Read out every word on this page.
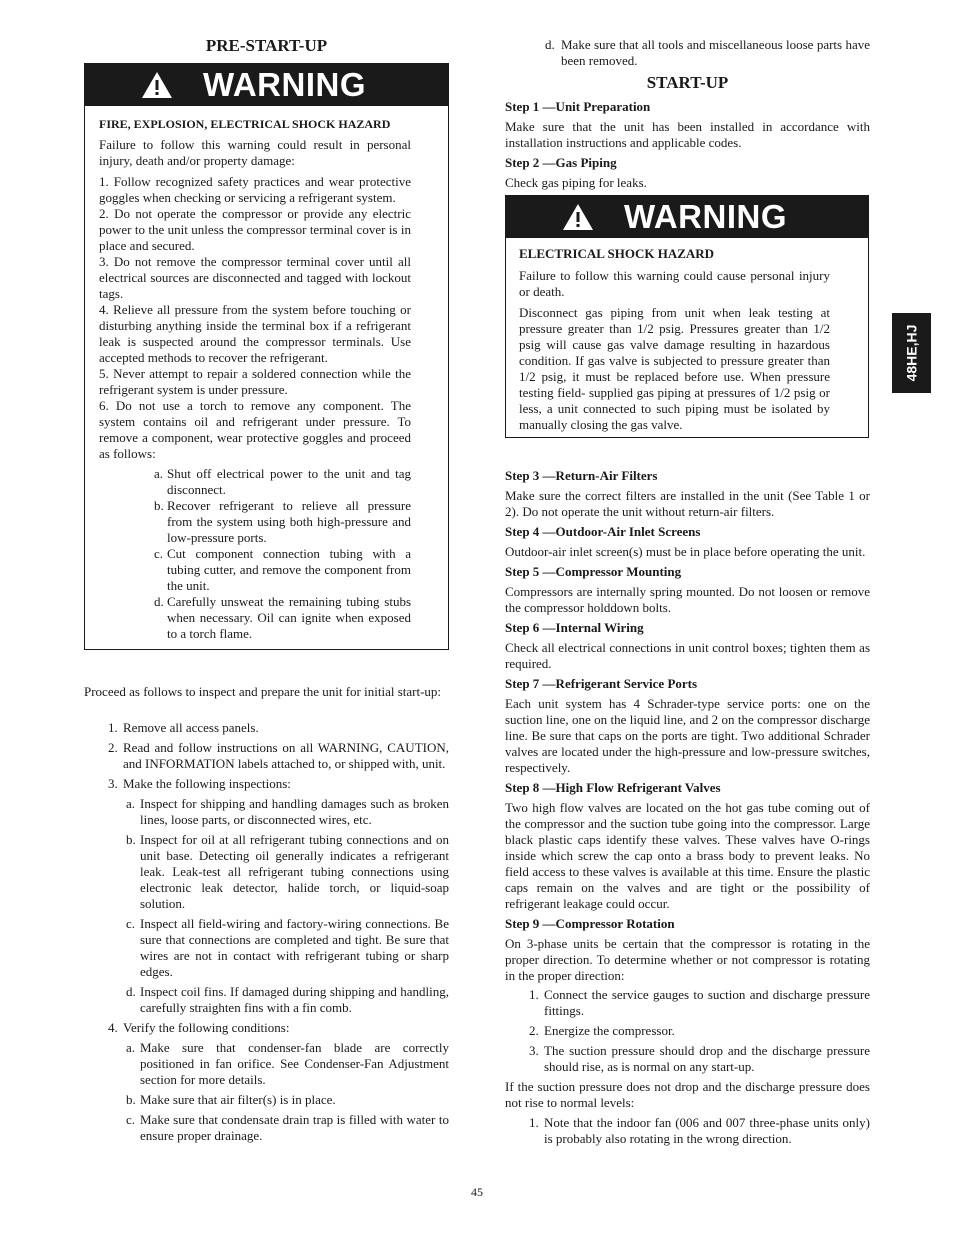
PRE-START-UP
WARNING

FIRE, EXPLOSION, ELECTRICAL SHOCK HAZARD

Failure to follow this warning could result in personal injury, death and/or property damage:

1. Follow recognized safety practices and wear protective goggles when checking or servicing a refrigerant system.

2. Do not operate the compressor or provide any electric power to the unit unless the compressor terminal cover is in place and secured.

3. Do not remove the compressor terminal cover until all electrical sources are disconnected and tagged with lockout tags.

4. Relieve all pressure from the system before touching or disturbing anything inside the terminal box if a refrigerant leak is suspected around the compressor terminals. Use accepted methods to recover the refrigerant.

5. Never attempt to repair a soldered connection while the refrigerant system is under pressure.

6. Do not use a torch to remove any component. The system contains oil and refrigerant under pressure. To remove a component, wear protective goggles and proceed as follows:

a. Shut off electrical power to the unit and tag disconnect.
b. Recover refrigerant to relieve all pressure from the system using both high-pressure and low-pressure ports.
c. Cut component connection tubing with a tubing cutter, and remove the component from the unit.
d. Carefully unsweat the remaining tubing stubs when necessary. Oil can ignite when exposed to a torch flame.

Proceed as follows to inspect and prepare the unit for initial start-up:

1. Remove all access panels.
2. Read and follow instructions on all WARNING, CAUTION, and INFORMATION labels attached to, or shipped with, unit.
3. Make the following inspections:
a. Inspect for shipping and handling damages such as broken lines, loose parts, or disconnected wires, etc.
b. Inspect for oil at all refrigerant tubing connections and on unit base. Detecting oil generally indicates a refrigerant leak. Leak-test all refrigerant tubing connections using electronic leak detector, halide torch, or liquid-soap solution.
c. Inspect all field-wiring and factory-wiring connections. Be sure that connections are completed and tight. Be sure that wires are not in contact with refrigerant tubing or sharp edges.
d. Inspect coil fins. If damaged during shipping and handling, carefully straighten fins with a fin comb.
4. Verify the following conditions:
a. Make sure that condenser-fan blade are correctly positioned in fan orifice. See Condenser-Fan Adjustment section for more details.
b. Make sure that air filter(s) is in place.
c. Make sure that condensate drain trap is filled with water to ensure proper drainage.
d. Make sure that all tools and miscellaneous loose parts have been removed.
START-UP

Step 1 —Unit Preparation

Make sure that the unit has been installed in accordance with installation instructions and applicable codes.

Step 2 —Gas Piping

Check gas piping for leaks.

WARNING

ELECTRICAL SHOCK HAZARD

Failure to follow this warning could cause personal injury or death.

Disconnect gas piping from unit when leak testing at pressure greater than 1/2 psig. Pressures greater than 1/2 psig will cause gas valve damage resulting in hazardous condition. If gas valve is subjected to pressure greater than 1/2 psig, it must be replaced before use. When pressure testing field- supplied gas piping at pressures of 1/2 psig or less, a unit connected to such piping must be isolated by manually closing the gas valve.

Step 3 —Return-Air Filters

Make sure the correct filters are installed in the unit (See Table 1 or 2). Do not operate the unit without return-air filters.

Step 4 —Outdoor-Air Inlet Screens

Outdoor-air inlet screen(s) must be in place before operating the unit.

Step 5 —Compressor Mounting

Compressors are internally spring mounted. Do not loosen or remove the compressor holddown bolts.

Step 6 —Internal Wiring

Check all electrical connections in unit control boxes; tighten them as required.

Step 7 —Refrigerant Service Ports

Each unit system has 4 Schrader-type service ports: one on the suction line, one on the liquid line, and 2 on the compressor discharge line. Be sure that caps on the ports are tight. Two additional Schrader valves are located under the high-pressure and low-pressure switches, respectively.

Step 8 —High Flow Refrigerant Valves

Two high flow valves are located on the hot gas tube coming out of the compressor and the suction tube going into the compressor. Large black plastic caps identify these valves. These valves have O-rings inside which screw the cap onto a brass body to prevent leaks. No field access to these valves is available at this time. Ensure the plastic caps remain on the valves and are tight or the possibility of refrigerant leakage could occur.

Step 9 —Compressor Rotation

On 3-phase units be certain that the compressor is rotating in the proper direction. To determine whether or not compressor is rotating in the proper direction:

1. Connect the service gauges to suction and discharge pressure fittings.
2. Energize the compressor.
3. The suction pressure should drop and the discharge pressure should rise, as is normal on any start-up.

If the suction pressure does not drop and the discharge pressure does not rise to normal levels:

1. Note that the indoor fan (006 and 007 three-phase units only) is probably also rotating in the wrong direction.
48HE,HJ
45
